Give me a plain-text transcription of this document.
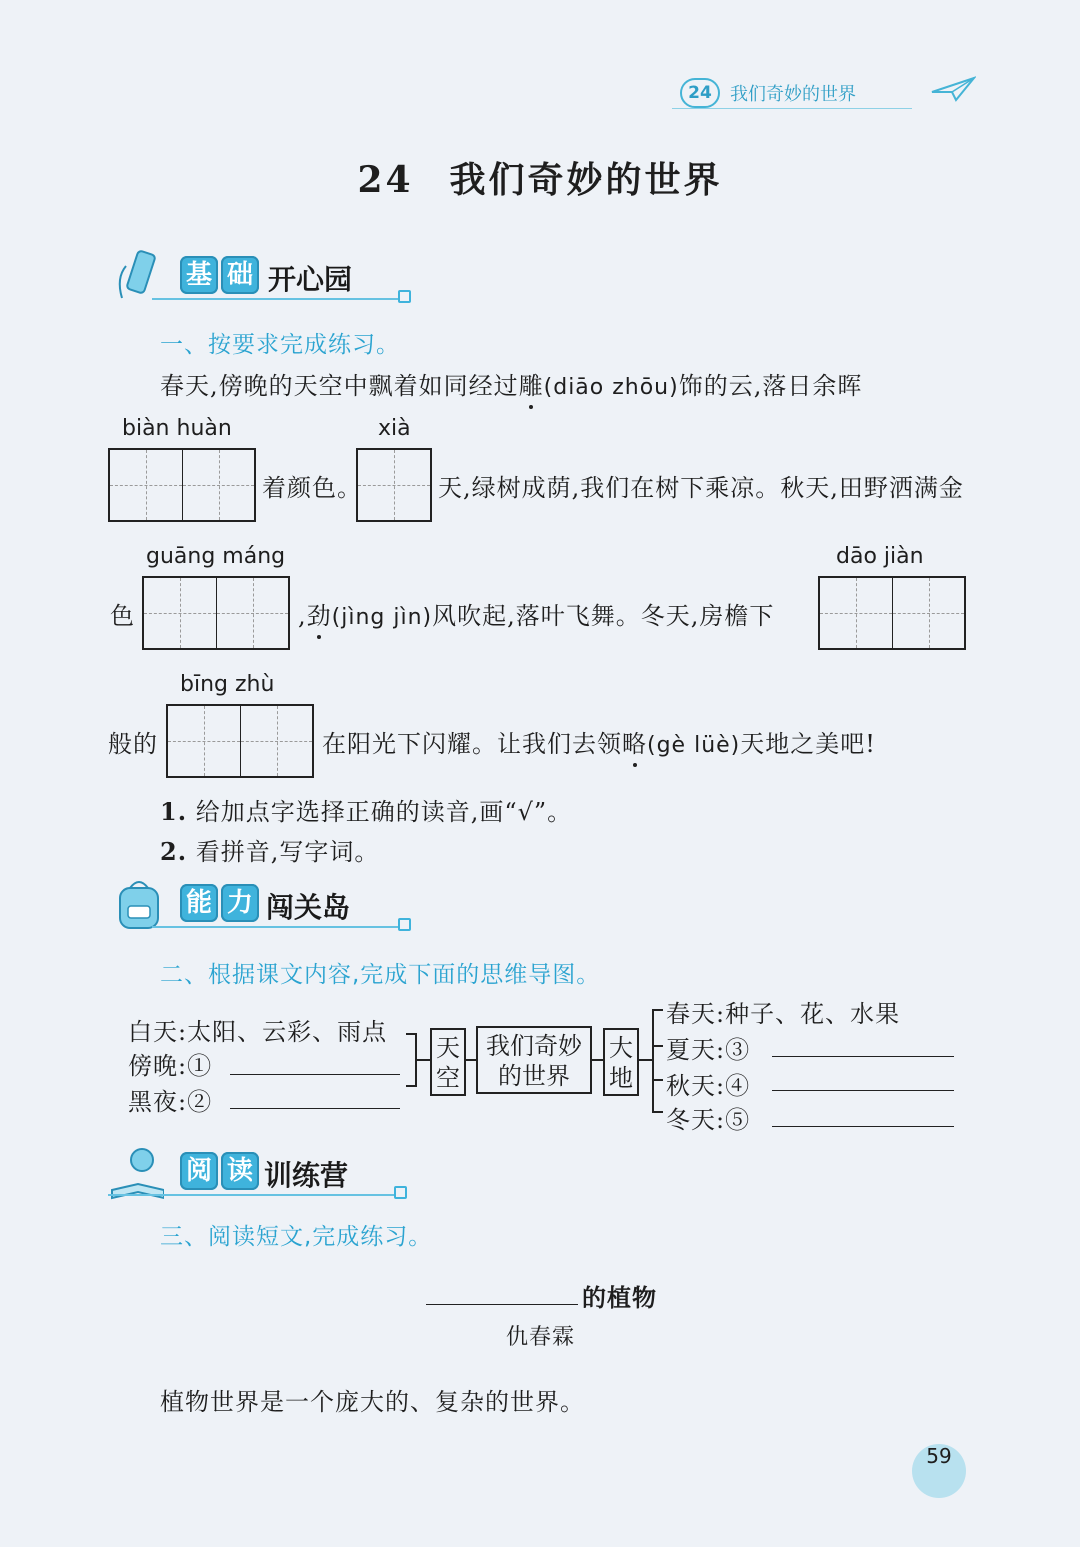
24	我们奇妙的世界
24 我们奇妙的世界
基 础 开心园
一、按要求完成练习。
春天,傍晚的天空中飘着如同经过雕(diāo zhōu)饰的云,落日余晖
biàn huàn	xià
着颜色。	天,绿树成荫,我们在树下乘凉。秋天,田野洒满金
guāng máng	dāo jiàn
色	,劲(jìng jìn)风吹起,落叶飞舞。冬天,房檐下
bīng zhù
般的	在阳光下闪耀。让我们去领略(gè lüè)天地之美吧!
1. 给加点字选择正确的读音,画“√”。
2. 看拼音,写字词。
能 力 闯关岛
二、根据课文内容,完成下面的思维导图。
白天:太阳、云彩、雨点
傍晚:①
黑夜:②
天空
我们奇妙
的世界
大地
春天:种子、花、水果
夏天:③
秋天:④
冬天:⑤
阅 读 训练营
三、阅读短文,完成练习。
的植物
仇春霖
植物世界是一个庞大的、复杂的世界。
59
